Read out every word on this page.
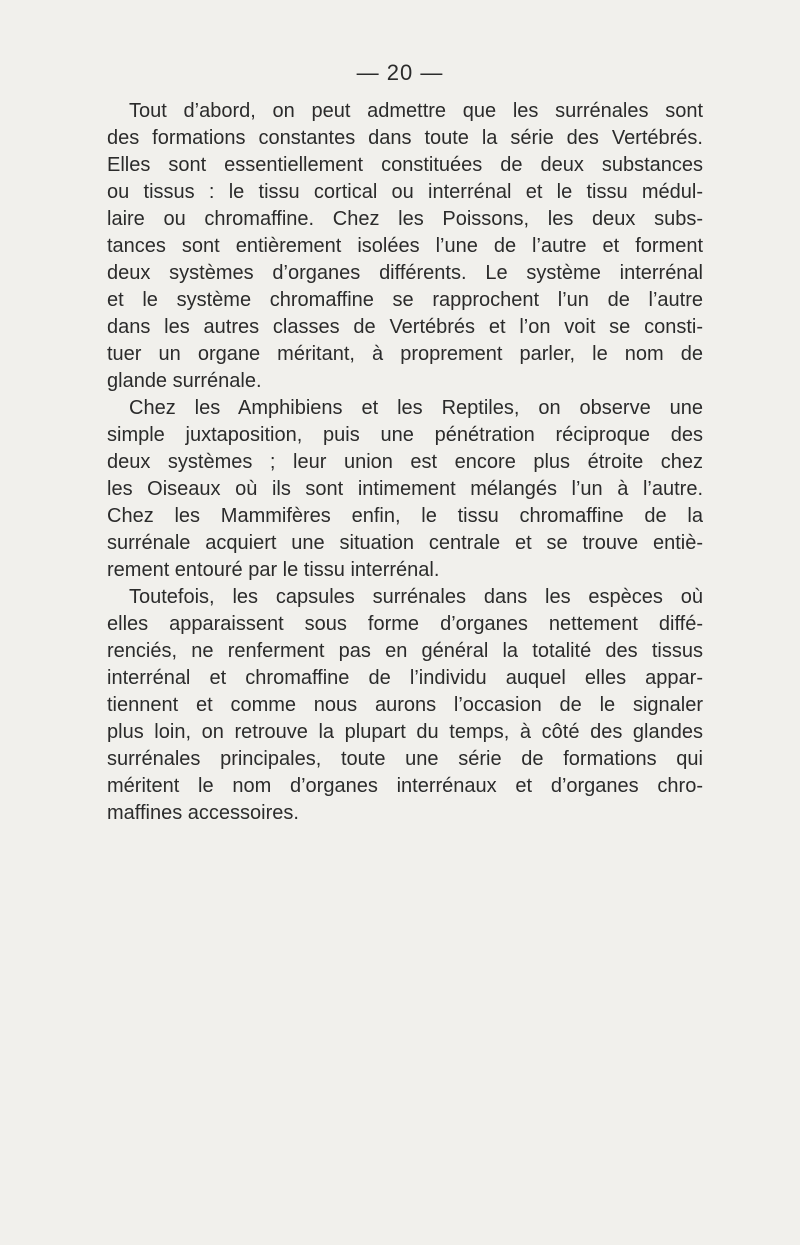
— 20 —
Tout d’abord, on peut admettre que les surrénales sont
des formations constantes dans toute la série des Vertébrés.
Elles sont essentiellement constituées de deux substances
ou tissus : le tissu cortical ou interrénal et le tissu médul-
laire ou chromaffine. Chez les Poissons, les deux subs-
tances sont entièrement isolées l’une de l’autre et forment
deux systèmes d’organes différents. Le système interrénal
et le système chromaffine se rapprochent l’un de l’autre
dans les autres classes de Vertébrés et l’on voit se consti-
tuer un organe méritant, à proprement parler, le nom de
glande surrénale.
Chez les Amphibiens et les Reptiles, on observe une
simple juxtaposition, puis une pénétration réciproque des
deux systèmes ; leur union est encore plus étroite chez
les Oiseaux où ils sont intimement mélangés l’un à l’autre.
Chez les Mammifères enfin, le tissu chromaffine de la
surrénale acquiert une situation centrale et se trouve entiè-
rement entouré par le tissu interrénal.
Toutefois, les capsules surrénales dans les espèces où
elles apparaissent sous forme d’organes nettement diffé-
renciés, ne renferment pas en général la totalité des tissus
interrénal et chromaffine de l’individu auquel elles appar-
tiennent et comme nous aurons l’occasion de le signaler
plus loin, on retrouve la plupart du temps, à côté des glandes
surrénales principales, toute une série de formations qui
méritent le nom d’organes interrénaux et d’organes chro-
maffines accessoires.
